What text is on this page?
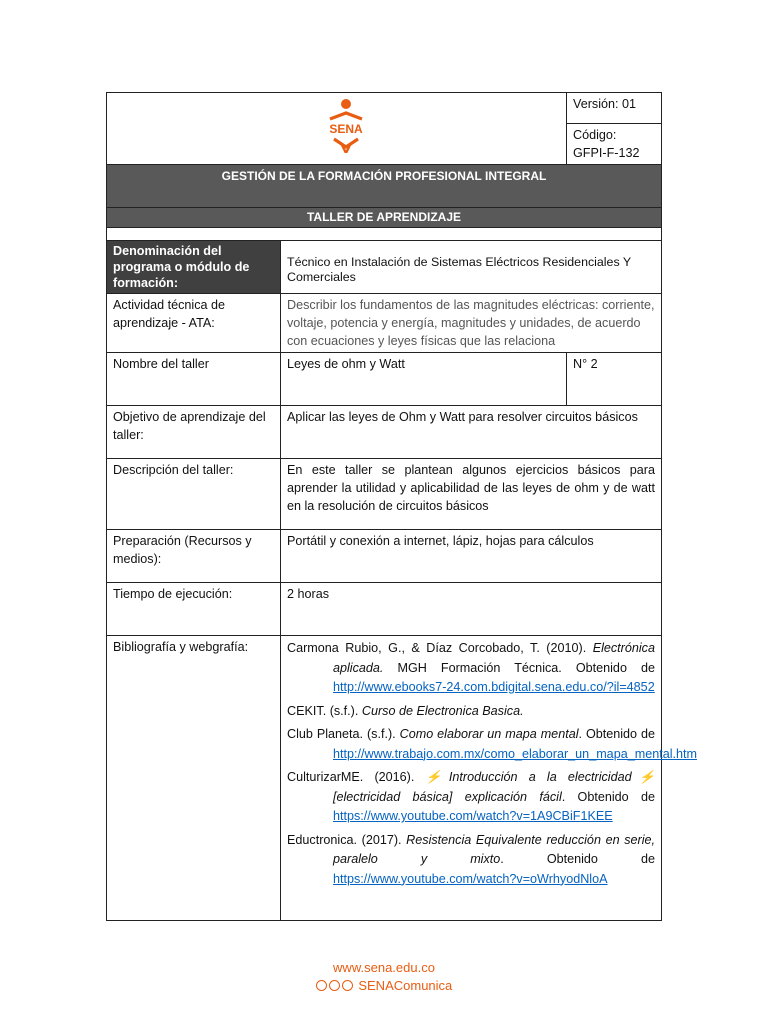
SENA		Versión: 01

		Código:
GFPI-F-132

GESTIÓN DE LA FORMACIÓN PROFESIONAL INTEGRAL		
TALLER DE APRENDIZAJE		

Denominación del programa o módulo de formación:	Técnico en Instalación de Sistemas Eléctricos Residenciales Y Comerciales	
Actividad técnica de aprendizaje - ATA:	Describir los fundamentos de las magnitudes eléctricas: corriente, voltaje, potencia y energía, magnitudes y unidades, de acuerdo con ecuaciones y leyes físicas que las relaciona	
Nombre del taller	Leyes de ohm y Watt	N° 2
Objetivo de aprendizaje del taller:	Aplicar las leyes de Ohm y Watt para resolver circuitos básicos	
Descripción del taller:	En este taller se plantean algunos ejercicios básicos para aprender la utilidad y aplicabilidad de las leyes de ohm y de watt en la resolución de circuitos básicos	
Preparación (Recursos y medios):	Portátil y conexión a internet, lápiz, hojas para cálculos	
Tiempo de ejecución:	2 horas	
Bibliografía y webgrafía:	Carmona Rubio, G., & Díaz Corcobado, T. (2010). Electrónica aplicada. MGH Formación Técnica. Obtenido de http://www.ebooks7-24.com.bdigital.sena.edu.co/?il=4852

CEKIT. (s.f.). Curso de Electronica Basica.

Club Planeta. (s.f.). Como elaborar un mapa mental. Obtenido de http://www.trabajo.com.mx/como_elaborar_un_mapa_mental.htm

CulturizarME. (2016). ⚡Introducción a la electricidad⚡ [electricidad básica] explicación fácil. Obtenido de https://www.youtube.com/watch?v=1A9CBiF1KEE

Eductronica. (2017). Resistencia Equivalente reducción en serie, paralelo y mixto. Obtenido de https://www.youtube.com/watch?v=oWrhyodNloA	

www.sena.edu.co
SENAComunica
